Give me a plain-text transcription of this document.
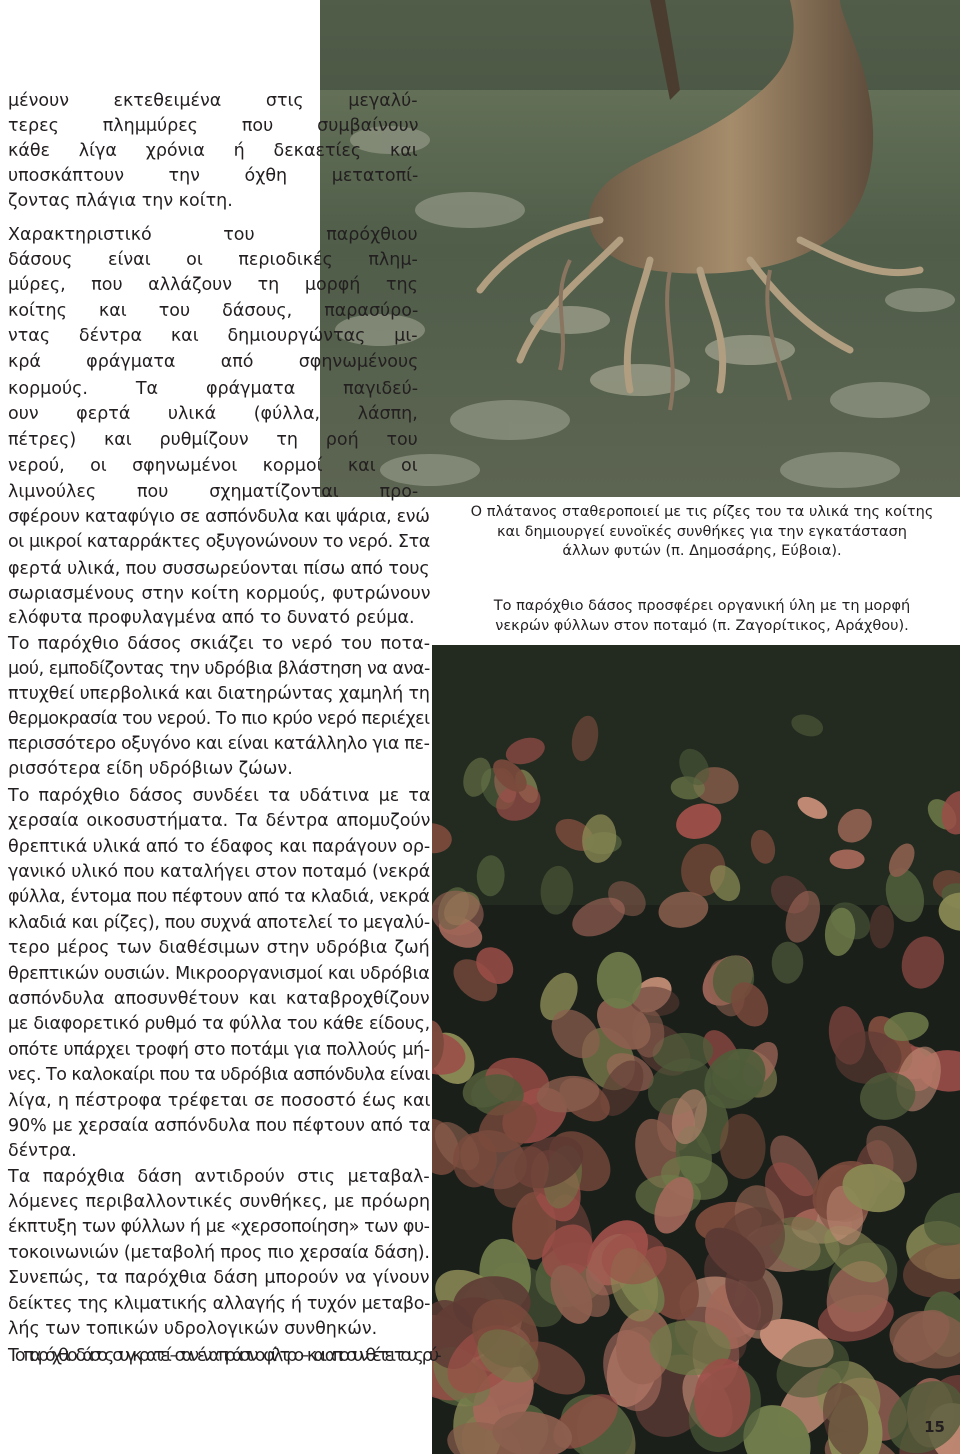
μένουν εκτεθειμένα στις μεγαλύ-

τερες πλημμύρες που συμβαίνουν

κάθε λίγα χρόνια ή δεκαετίες και

υποσκάπτουν την όχθη μετατοπί-

ζοντας πλάγια την κοίτη.

Χαρακτηριστικό του παρόχθιου

δάσους είναι οι περιοδικές πλημ-

μύρες, που αλλάζουν τη μορφή της

κοίτης και του δάσους, παρασύρο-

ντας δέντρα και δημιουργώντας μι-

κρά φράγματα από σφηνωμένους

κορμούς. Τα φράγματα παγιδεύ-

ουν φερτά υλικά (φύλλα, λάσπη,

πέτρες) και ρυθμίζουν τη ροή του

νερού, οι σφηνωμένοι κορμοί και οι

λιμνούλες που σχηματίζονται προ-

σφέρουν καταφύγιο σε ασπόνδυλα και ψάρια, ενώ

οι μικροί καταρράκτες οξυγονώνουν το νερό. Στα

φερτά υλικά, που συσσωρεύονται πίσω από τους

σωριασμένους στην κοίτη κορμούς, φυτρώνουν

ελόφυτα προφυλαγμένα από το δυνατό ρεύμα.

Το παρόχθιο δάσος σκιάζει το νερό του ποτα-

μού, εμποδίζοντας την υδρόβια βλάστηση να ανα-

πτυχθεί υπερβολικά και διατηρώντας χαμηλή τη

θερμοκρασία του νερού. Το πιο κρύο νερό περιέχει

περισσότερο οξυγόνο και είναι κατάλληλο για πε-

ρισσότερα είδη υδρόβιων ζώων.

Το παρόχθιο δάσος συνδέει τα υδάτινα με τα

χερσαία οικοσυστήματα. Τα δέντρα απομυζούν

θρεπτικά υλικά από το έδαφος και παράγουν ορ-

γανικό υλικό που καταλήγει στον ποταμό (νεκρά

φύλλα, έντομα που πέφτουν από τα κλαδιά, νεκρά

κλαδιά και ρίζες), που συχνά αποτελεί το μεγαλύ-

τερο μέρος των διαθέσιμων στην υδρόβια ζωή

θρεπτικών ουσιών. Μικροοργανισμοί και υδρόβια

ασπόνδυλα αποσυνθέτουν και καταβροχθίζουν

με διαφορετικό ρυθμό τα φύλλα του κάθε είδους,

οπότε υπάρχει τροφή στο ποτάμι για πολλούς μή-

νες. Το καλοκαίρι που τα υδρόβια ασπόνδυλα είναι

λίγα, η πέστροφα τρέφεται σε ποσοστό έως και

90% με χερσαία ασπόνδυλα που πέφτουν από τα

δέντρα.

Τα παρόχθια δάση αντιδρούν στις μεταβαλ-

λόμενες περιβαλλοντικές συνθήκες, με πρόωρη

έκπτυξη των φύλλων ή με «χερσοποίηση» των φυ-

τοκοινωνιών (μεταβολή προς πιο χερσαία δάση).

Συνεπώς, τα παρόχθια δάση μπορούν να γίνουν

δείκτες της κλιματικής αλλαγής ή τυχόν μεταβο-

λής των τοπικών υδρολογικών συνθηκών.

Το παρόχθιο δάσος συγκρατεί –σαν ένα πράσινο φίλτρο– και αποσυνθέτει τους ρύ-

Ο πλάτανος σταθεροποιεί με τις ρίζες του τα υλικά της κοίτης
και δημιουργεί ευνοϊκές συνθήκες για την εγκατάσταση
άλλων φυτών (π. Δημοσάρης, Εύβοια).

Το παρόχθιο δάσος προσφέρει οργανική ύλη με τη μορφή
νεκρών φύλλων στον ποταμό (π. Ζαγορίτικος, Αράχθου).

15
